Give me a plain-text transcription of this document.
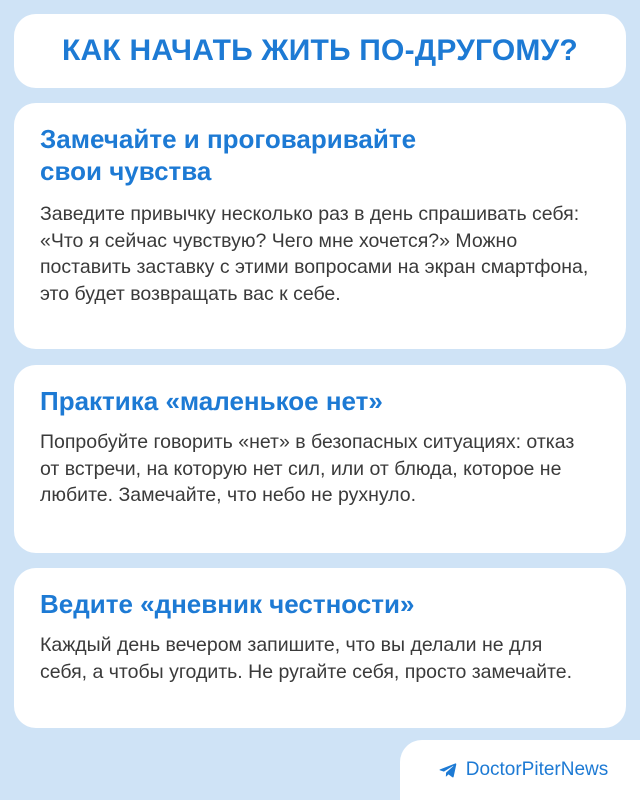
КАК НАЧАТЬ ЖИТЬ ПО-ДРУГОМУ?
Замечайте и проговаривайте свои чувства

Заведите привычку несколько раз в день спрашивать себя: «Что я сейчас чувствую? Чего мне хочется?» Можно поставить заставку с этими вопросами на экран смартфона, это будет возвращать вас к себе.

Практика «маленькое нет»

Попробуйте говорить «нет» в безопасных ситуациях: отказ от встречи, на которую нет сил, или от блюда, которое не любите. Замечайте, что небо не рухнуло.

Ведите «дневник честности»

Каждый день вечером запишите, что вы делали не для себя, а чтобы угодить. Не ругайте себя, просто замечайте.

DoctorPiterNews
